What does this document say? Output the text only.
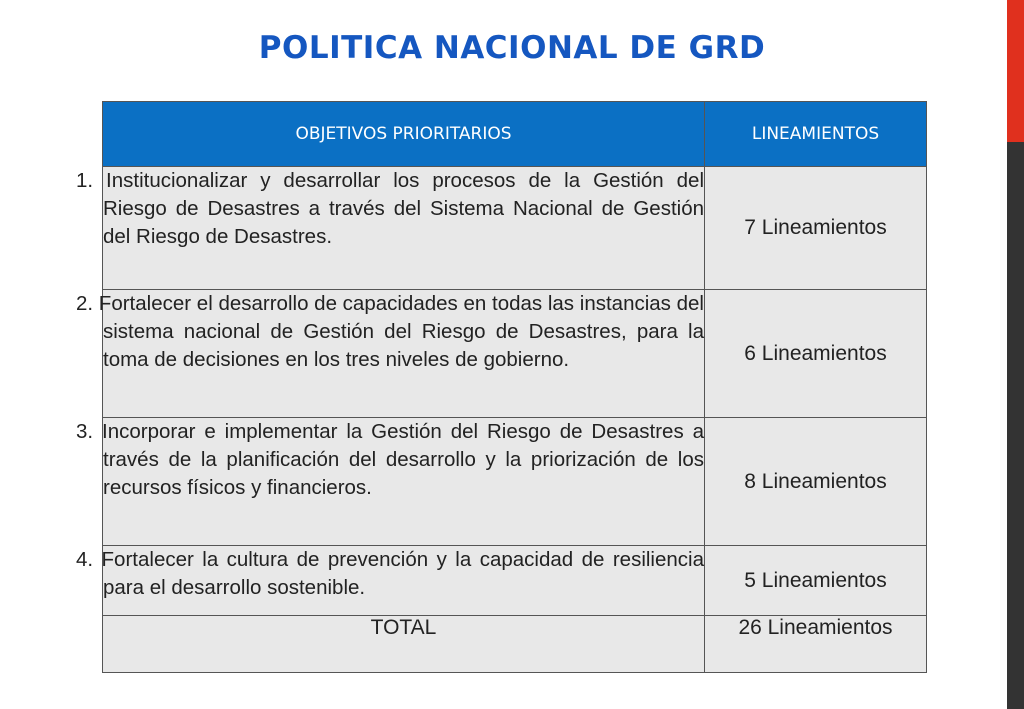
POLITICA NACIONAL DE GRD
OBJETIVOS PRIORITARIOS	LINEAMIENTOS
1. Institucionalizar y desarrollar los procesos de la Gestión del Riesgo de Desastres a través del Sistema Nacional de Gestión del Riesgo de Desastres.	7 Lineamientos
2. Fortalecer el desarrollo de capacidades en todas las instancias del sistema nacional de Gestión del Riesgo de Desastres, para la toma de decisiones en los tres niveles de gobierno.	6 Lineamientos
3. Incorporar e implementar la Gestión del Riesgo de Desastres a través de la planificación del desarrollo y la priorización de los recursos físicos y financieros.	8 Lineamientos
4. Fortalecer la cultura de prevención y la capacidad de resiliencia para el desarrollo sostenible.	5 Lineamientos
TOTAL	26 Lineamientos
